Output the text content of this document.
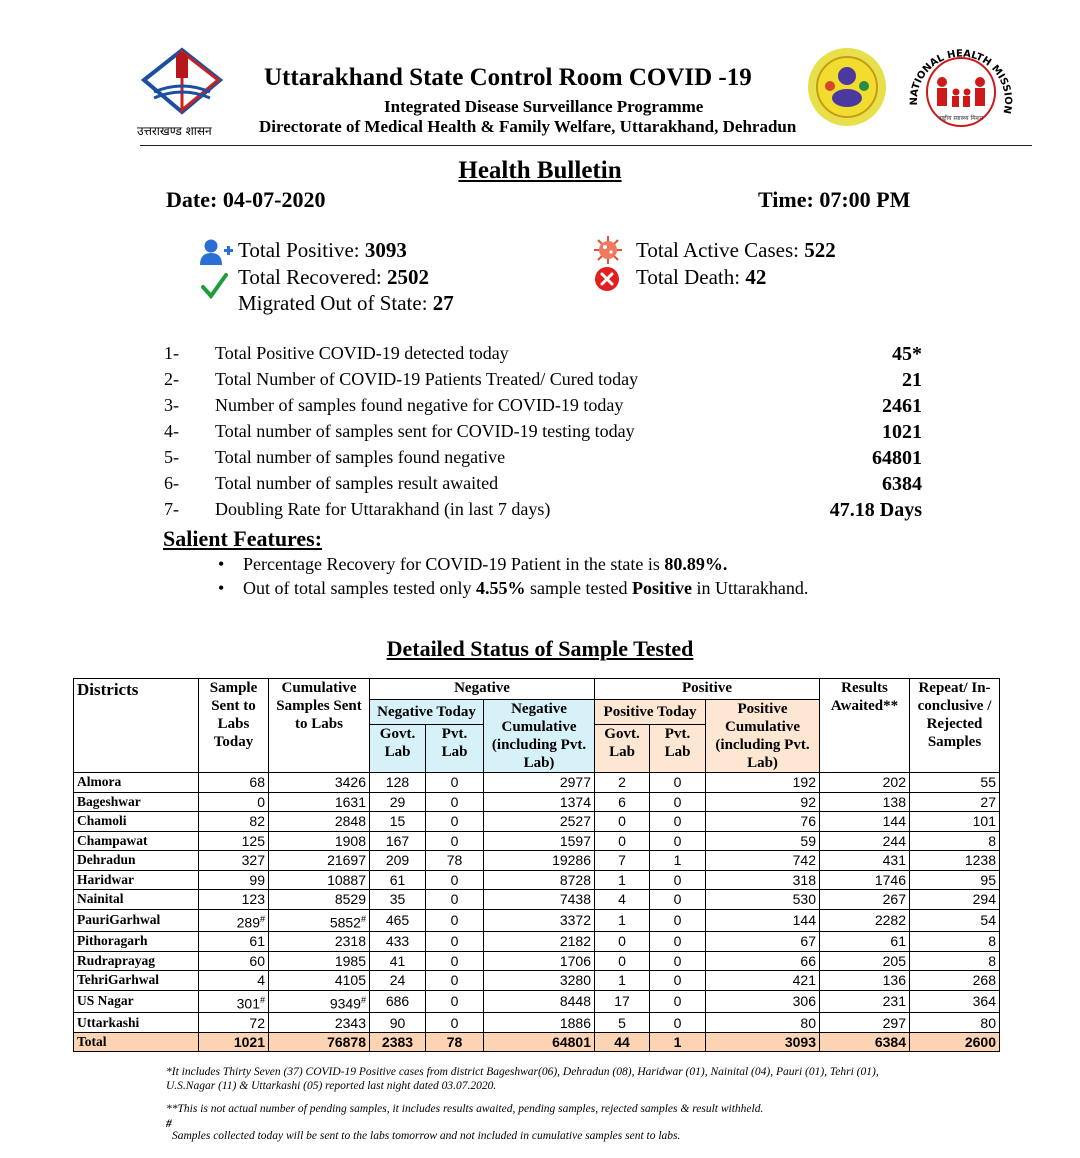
उत्तराखण्ड शासन
Uttarakhand State Control Room COVID -19
Integrated Disease Surveillance Programme
Directorate of Medical Health & Family Welfare, Uttarakhand, Dehradun
NATIONAL HEALTH MISSION
राष्ट्रीय स्वास्थ्य मिशन
Health Bulletin
Date: 04-07-2020	Time: 07:00 PM
Total Positive: 3093
Total Recovered: 2502
Migrated Out of State: 27
Total Active Cases: 522
Total Death: 42
1- Total Positive COVID-19 detected today	45*
2- Total Number of COVID-19 Patients Treated/ Cured today	21
3- Number of samples found negative for COVID-19 today	2461
4- Total number of samples sent for COVID-19 testing today	1021
5- Total number of samples found negative	64801
6- Total number of samples result awaited	6384
7- Doubling Rate for Uttarakhand (in last 7 days)	47.18 Days
Salient Features:
• Percentage Recovery for COVID-19 Patient in the state is 80.89%.
• Out of total samples tested only 4.55% sample tested Positive in Uttarakhand.
Detailed Status of Sample Tested
Districts	Sample Sent to Labs Today	Cumulative Samples Sent to Labs	Negative			Positive			Results Awaited**	Repeat/ In-conclusive / Rejected Samples
			Negative Today		Negative Cumulative (including Pvt. Lab)	Positive Today		Positive Cumulative (including Pvt. Lab)		
			Govt. Lab	Pvt. Lab		Govt. Lab	Pvt. Lab			
Almora	68	3426	128	0	2977	2	0	192	202	55
Bageshwar	0	1631	29	0	1374	6	0	92	138	27
Chamoli	82	2848	15	0	2527	0	0	76	144	101
Champawat	125	1908	167	0	1597	0	0	59	244	8
Dehradun	327	21697	209	78	19286	7	1	742	431	1238
Haridwar	99	10887	61	0	8728	1	0	318	1746	95
Nainital	123	8529	35	0	7438	4	0	530	267	294
PauriGarhwal	289#	5852#	465	0	3372	1	0	144	2282	54
Pithoragarh	61	2318	433	0	2182	0	0	67	61	8
Rudraprayag	60	1985	41	0	1706	0	0	66	205	8
TehriGarhwal	4	4105	24	0	3280	1	0	421	136	268
US Nagar	301#	9349#	686	0	8448	17	0	306	231	364
Uttarkashi	72	2343	90	0	1886	5	0	80	297	80
Total	1021	76878	2383	78	64801	44	1	3093	6384	2600
*It includes Thirty Seven (37) COVID-19 Positive cases from district Bageshwar(06), Dehradun (08), Haridwar (01), Nainital (04), Pauri (01), Tehri (01),
U.S.Nagar (11) & Uttarkashi (05) reported last night dated 03.07.2020.
**This is not actual number of pending samples, it includes results awaited, pending samples, rejected samples & result withheld.
#
Samples collected today will be sent to the labs tomorrow and not included in cumulative samples sent to labs.
